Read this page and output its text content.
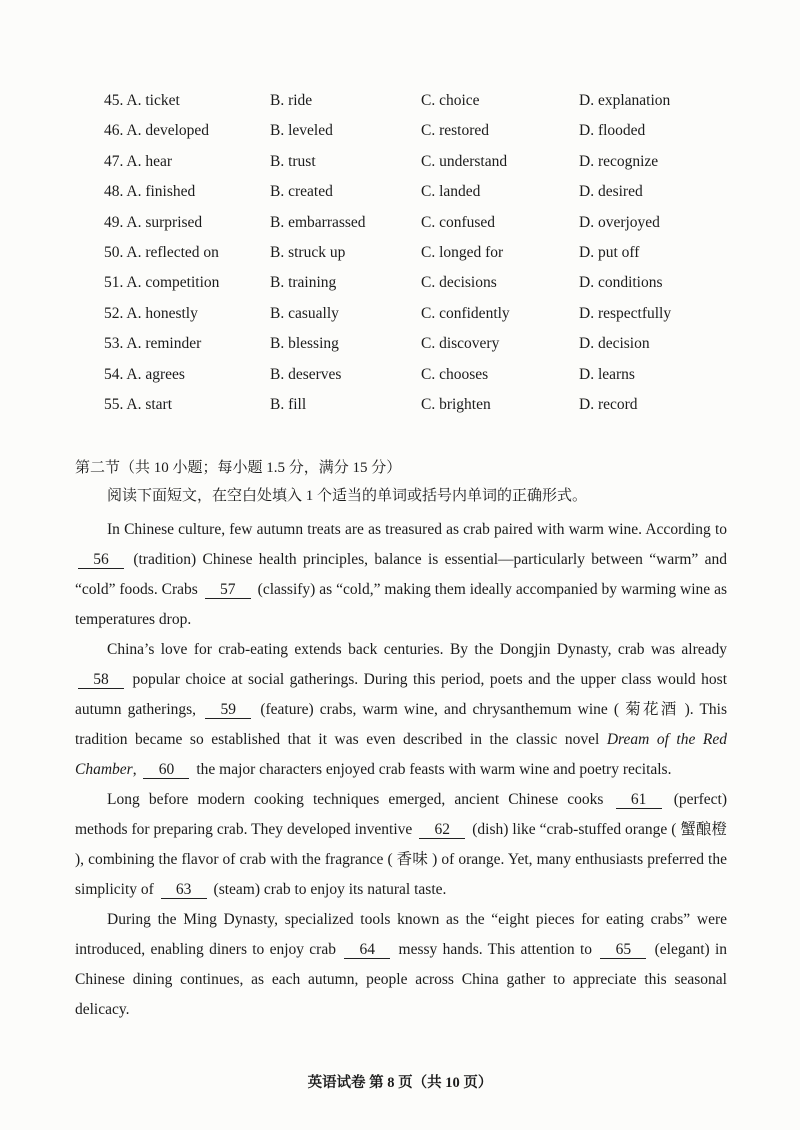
45. A. ticket	B. ride	C. choice	D. explanation
46. A. developed	B. leveled	C. restored	D. flooded
47. A. hear	B. trust	C. understand	D. recognize
48. A. finished	B. created	C. landed	D. desired
49. A. surprised	B. embarrassed	C. confused	D. overjoyed
50. A. reflected on	B. struck up	C. longed for	D. put off
51. A. competition	B. training	C. decisions	D. conditions
52. A. honestly	B. casually	C. confidently	D. respectfully
53. A. reminder	B. blessing	C. discovery	D. decision
54. A. agrees	B. deserves	C. chooses	D. learns
55. A. start	B. fill	C. brighten	D. record
第二节（共 10 小题；每小题 1.5 分，满分 15 分）
阅读下面短文，在空白处填入 1 个适当的单词或括号内单词的正确形式。

In Chinese culture, few autumn treats are as treasured as crab paired with warm wine. According to 56 (tradition) Chinese health principles, balance is essential—particularly between “warm” and “cold” foods. Crabs 57 (classify) as “cold,” making them ideally accompanied by warming wine as temperatures drop.

China’s love for crab-eating extends back centuries. By the Dongjin Dynasty, crab was already 58 popular choice at social gatherings. During this period, poets and the upper class would host autumn gatherings, 59 (feature) crabs, warm wine, and chrysanthemum wine ( 菊花酒 ). This tradition became so established that it was even described in the classic novel Dream of the Red Chamber, 60 the major characters enjoyed crab feasts with warm wine and poetry recitals.

Long before modern cooking techniques emerged, ancient Chinese cooks 61 (perfect) methods for preparing crab. They developed inventive 62 (dish) like “crab-stuffed orange ( 蟹酿橙 ), combining the flavor of crab with the fragrance ( 香味 ) of orange. Yet, many enthusiasts preferred the simplicity of 63 (steam) crab to enjoy its natural taste.

During the Ming Dynasty, specialized tools known as the “eight pieces for eating crabs” were introduced, enabling diners to enjoy crab 64 messy hands. This attention to 65 (elegant) in Chinese dining continues, as each autumn, people across China gather to appreciate this seasonal delicacy.

英语试卷 第 8 页（共 10 页）
